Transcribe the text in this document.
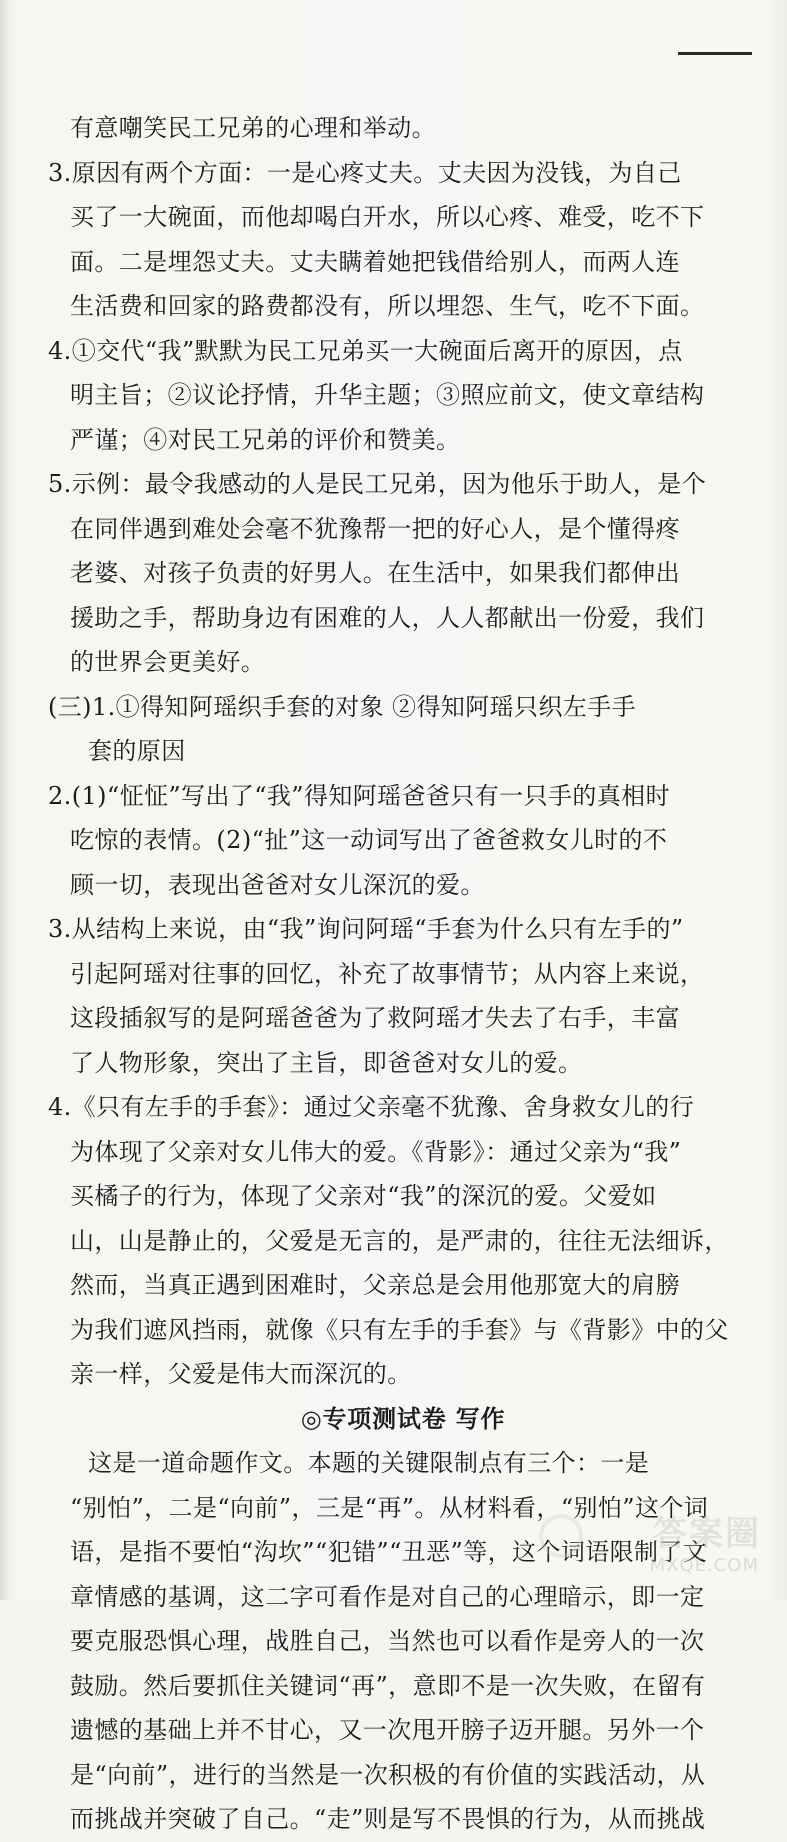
有意嘲笑民工兄弟的心理和举动。
3.原因有两个方面：一是心疼丈夫。丈夫因为没钱，为自己
买了一大碗面，而他却喝白开水，所以心疼、难受，吃不下
面。二是埋怨丈夫。丈夫瞒着她把钱借给别人，而两人连
生活费和回家的路费都没有，所以埋怨、生气，吃不下面。
4.①交代“我”默默为民工兄弟买一大碗面后离开的原因，点
明主旨；②议论抒情，升华主题；③照应前文，使文章结构
严谨；④对民工兄弟的评价和赞美。
5.示例：最令我感动的人是民工兄弟，因为他乐于助人，是个
在同伴遇到难处会毫不犹豫帮一把的好心人，是个懂得疼
老婆、对孩子负责的好男人。在生活中，如果我们都伸出
援助之手，帮助身边有困难的人，人人都献出一份爱，我们
的世界会更美好。
(三)1.①得知阿瑶织手套的对象 ②得知阿瑶只织左手手
套的原因
2.(1)“怔怔”写出了“我”得知阿瑶爸爸只有一只手的真相时
吃惊的表情。(2)“扯”这一动词写出了爸爸救女儿时的不
顾一切，表现出爸爸对女儿深沉的爱。
3.从结构上来说，由“我”询问阿瑶“手套为什么只有左手的”
引起阿瑶对往事的回忆，补充了故事情节；从内容上来说，
这段插叙写的是阿瑶爸爸为了救阿瑶才失去了右手，丰富
了人物形象，突出了主旨，即爸爸对女儿的爱。
4.《只有左手的手套》：通过父亲毫不犹豫、舍身救女儿的行
为体现了父亲对女儿伟大的爱。《背影》：通过父亲为“我”
买橘子的行为，体现了父亲对“我”的深沉的爱。父爱如
山，山是静止的，父爱是无言的，是严肃的，往往无法细诉，
然而，当真正遇到困难时，父亲总是会用他那宽大的肩膀
为我们遮风挡雨，就像《只有左手的手套》与《背影》中的父
亲一样，父爱是伟大而深沉的。
◎专项测试卷 写作
这是一道命题作文。本题的关键限制点有三个：一是
“别怕”，二是“向前”，三是“再”。从材料看，“别怕”这个词
语，是指不要怕“沟坎”“犯错”“丑恶”等，这个词语限制了文
章情感的基调，这二字可看作是对自己的心理暗示，即一定
要克服恐惧心理，战胜自己，当然也可以看作是旁人的一次
鼓励。然后要抓住关键词“再”，意即不是一次失败，在留有
遗憾的基础上并不甘心，又一次甩开膀子迈开腿。另外一个
是“向前”，进行的当然是一次积极的有价值的实践活动，从
而挑战并突破了自己。“走”则是写不畏惧的行为，从而挑战
答案圈
MXQE.COM
